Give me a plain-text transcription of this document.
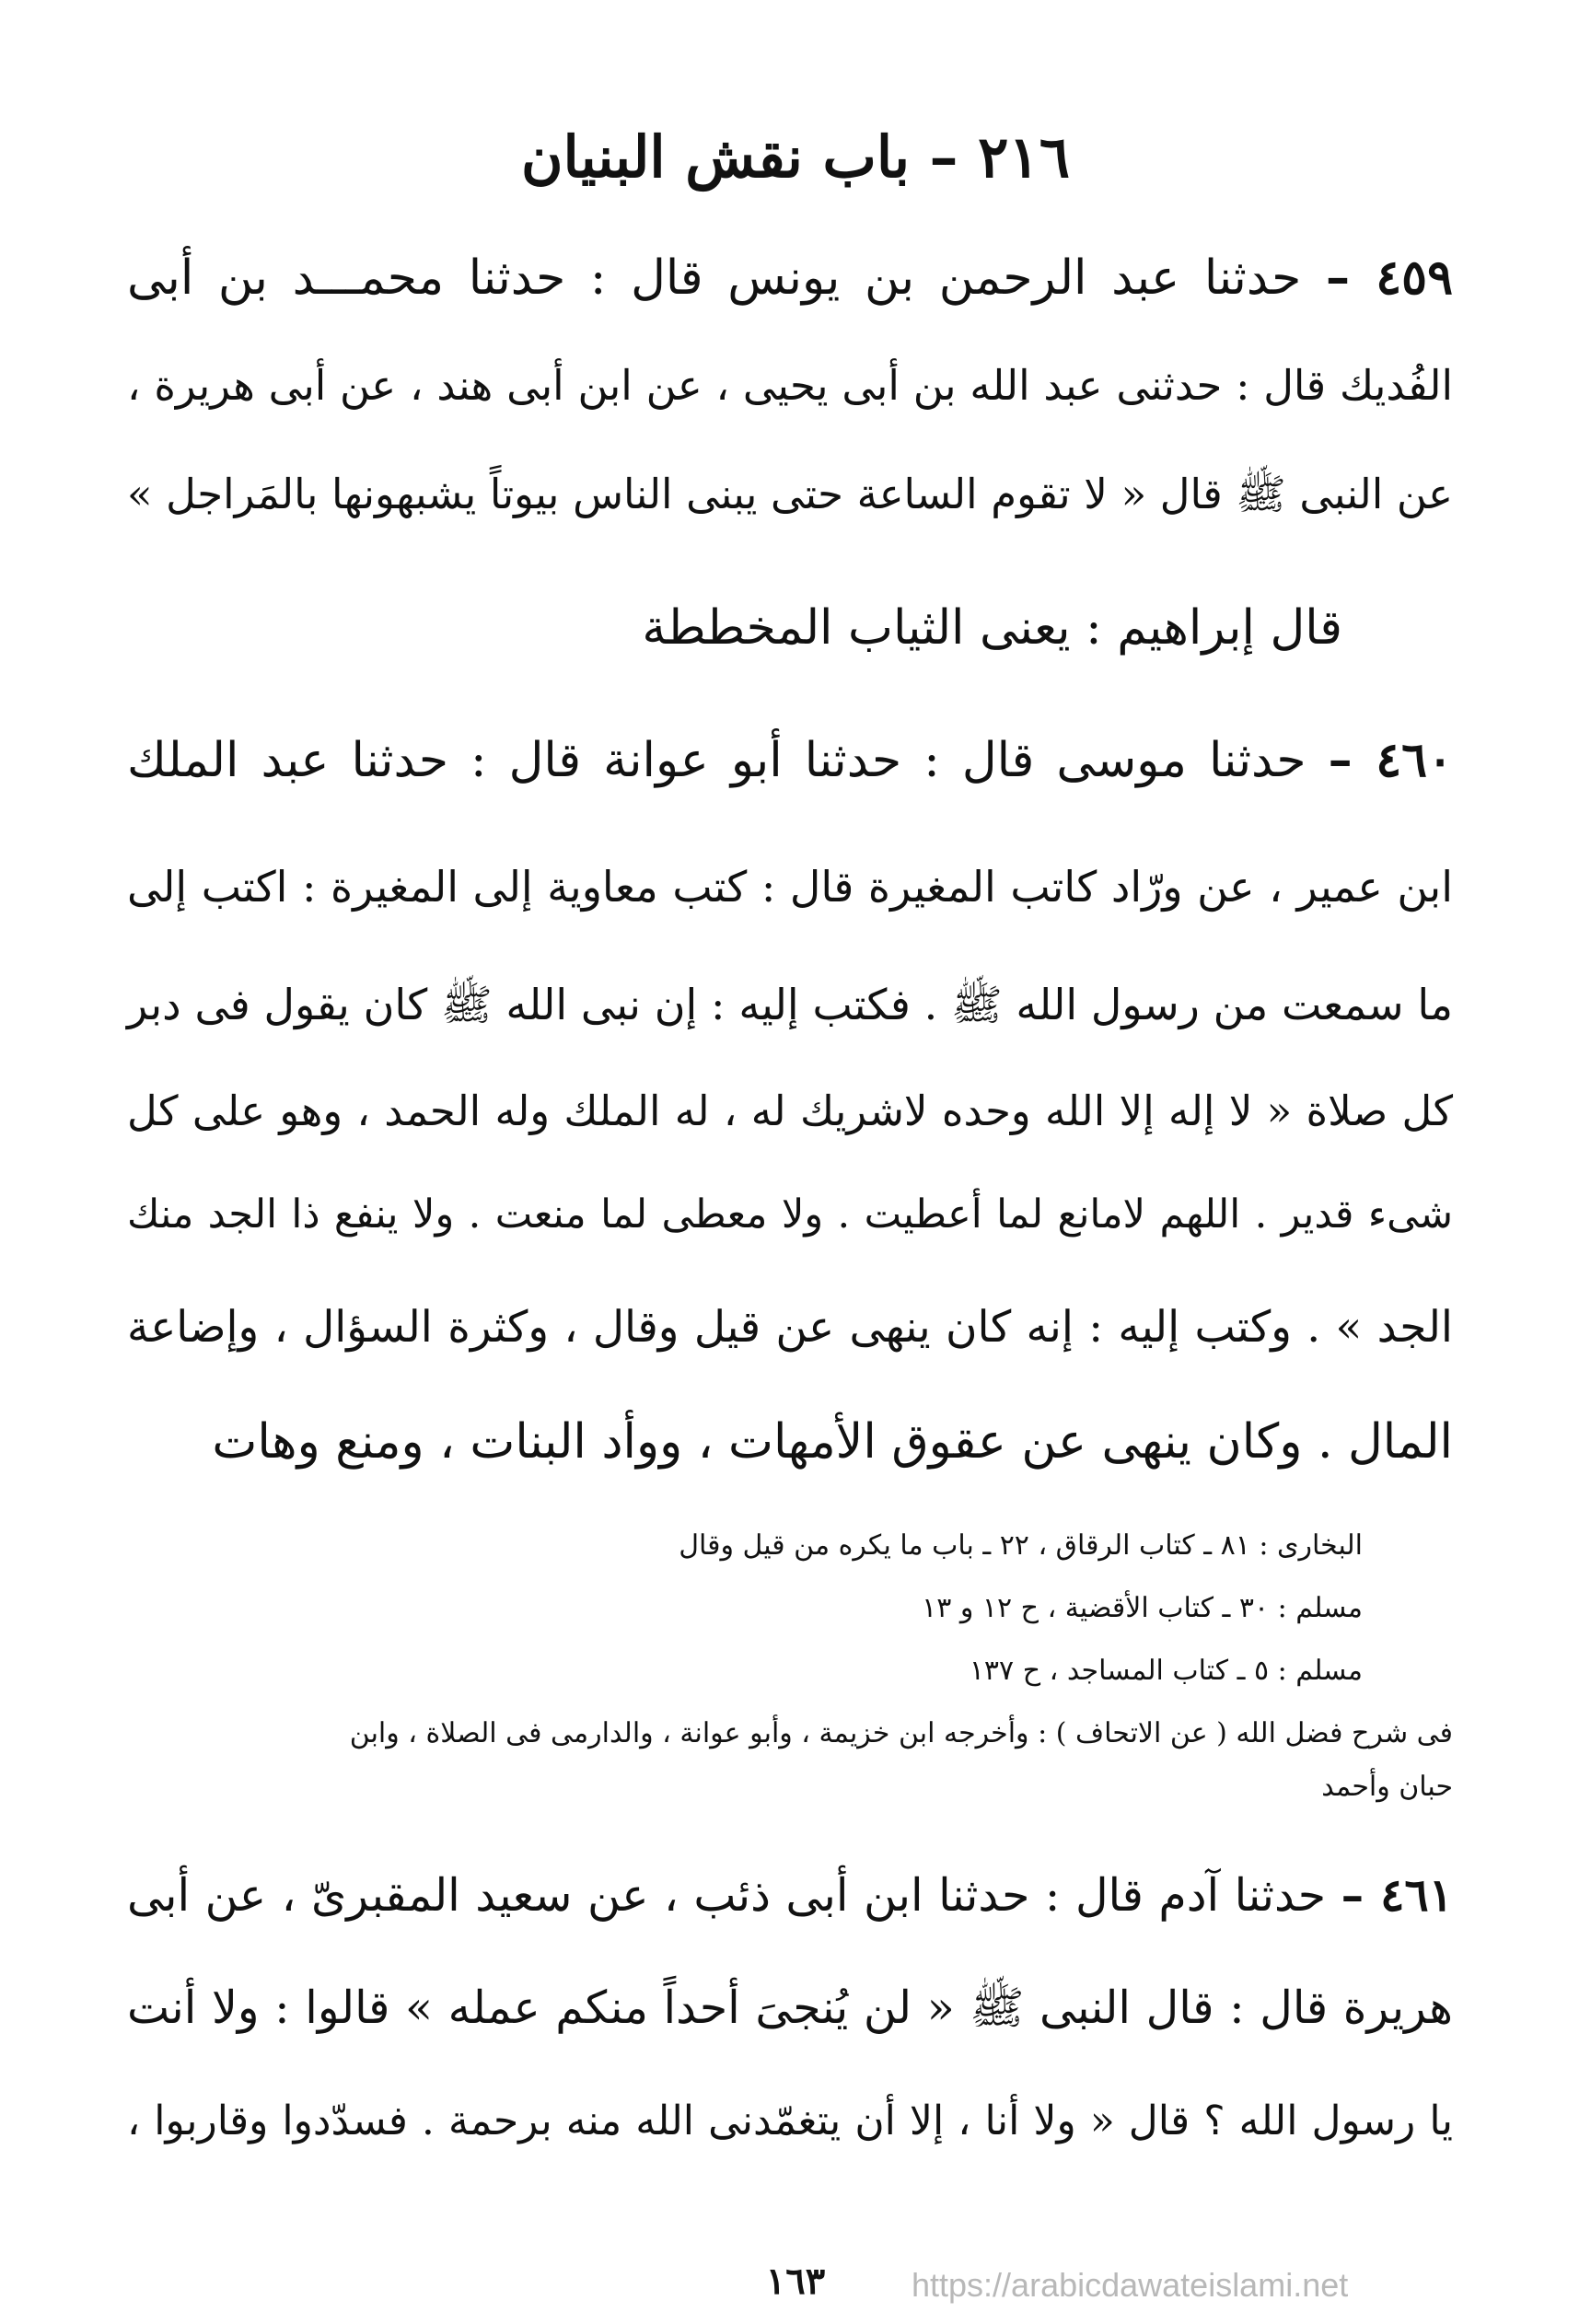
٢١٦ – باب نقش البنيان
٤٥٩ – حدثنا عبد الرحمن بن يونس قال : حدثنا محمـــد بن أبى
الفُديك قال : حدثنى عبد الله بن أبى يحيى ، عن ابن أبى هند ، عن أبى هريرة ،
عن النبى ﷺ قال « لا تقوم الساعة حتى يبنى الناس بيوتاً يشبهونها بالمَراجل »
قال إبراهيم : يعنى الثياب المخططة
٤٦٠ – حدثنا موسى قال : حدثنا أبو عوانة قال : حدثنا عبد الملك
ابن عمير ، عن ورّاد كاتب المغيرة قال : كتب معاوية إلى المغيرة : اكتب إلى
ما سمعت من رسول الله ﷺ . فكتب إليه : إن نبى الله ﷺ كان يقول فى دبر
كل صلاة « لا إله إلا الله وحده لاشريك له ، له الملك وله الحمد ، وهو على كل
شىء قدير . اللهم لامانع لما أعطيت . ولا معطى لما منعت . ولا ينفع ذا الجد منك
الجد » . وكتب إليه : إنه كان ينهى عن قيل وقال ، وكثرة السؤال ، وإضاعة
المال . وكان ينهى عن عقوق الأمهات ، ووأد البنات ، ومنع وهات
البخارى : ٨١ ـ كتاب الرقاق ، ٢٢ ـ باب ما يكره من قيل وقال
مسلم : ٣٠ ـ كتاب الأقضية ، ح ١٢ و ١٣
مسلم : ٥ ـ كتاب المساجد ، ح ١٣٧
فى شرح فضل الله ( عن الاتحاف ) : وأخرجه ابن خزيمة ، وأبو عوانة ، والدارمى فى الصلاة ، وابن
حبان وأحمد
٤٦١ – حدثنا آدم قال : حدثنا ابن أبى ذئب ، عن سعيد المقبرىّ ، عن أبى
هريرة قال : قال النبى ﷺ « لن يُنجىَ أحداً منكم عمله » قالوا : ولا أنت
يا رسول الله ؟ قال « ولا أنا ، إلا أن يتغمّدنى الله منه برحمة . فسدّدوا وقاربوا ،
١٦٣	https://arabicdawateislami.net
